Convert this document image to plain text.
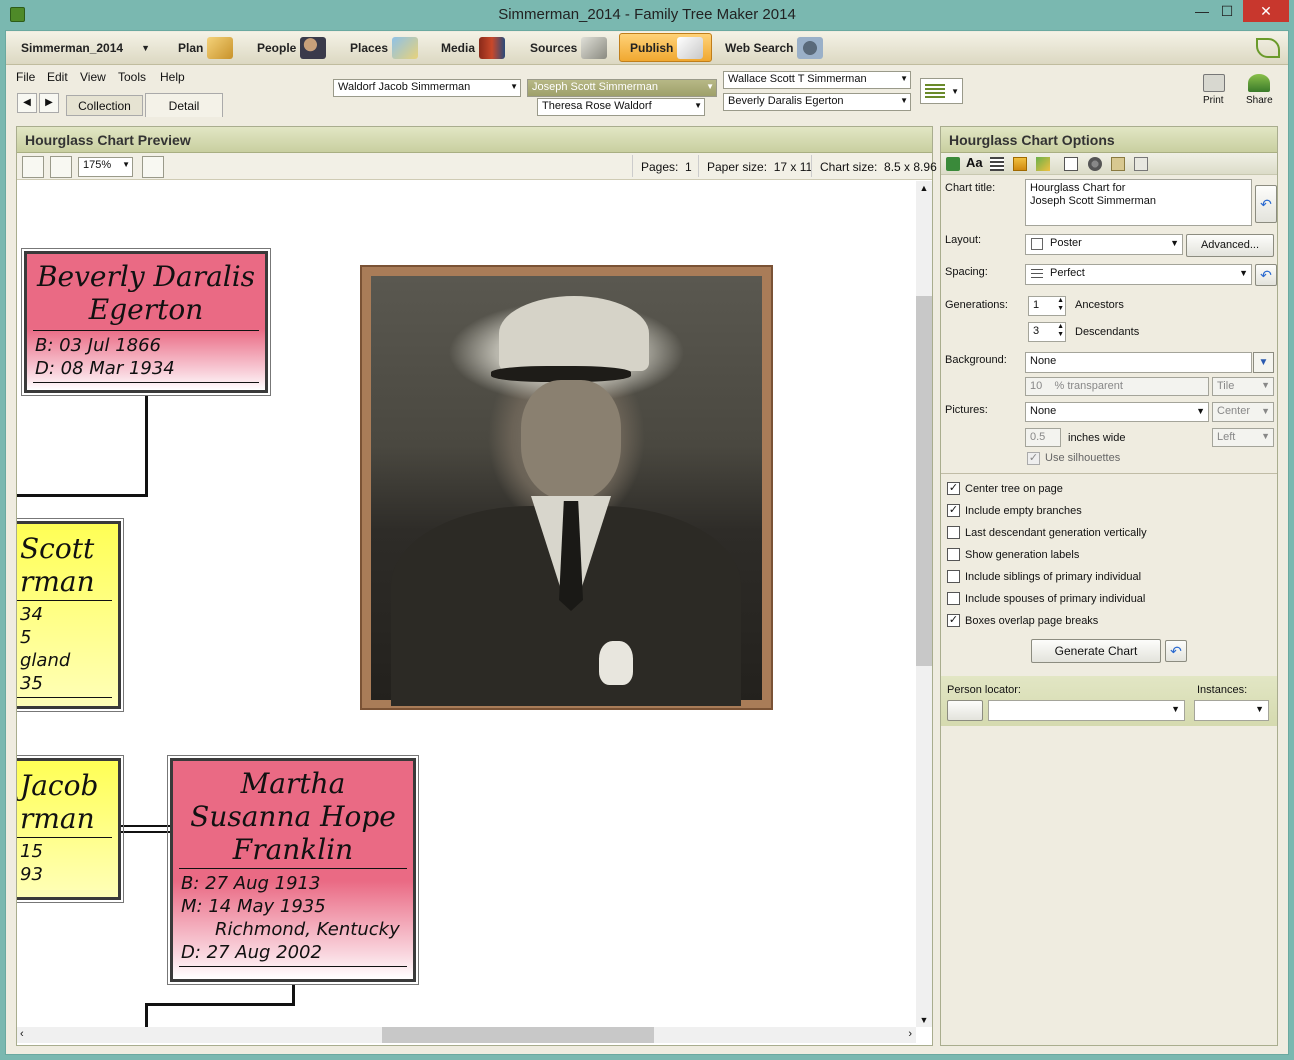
Simmerman_2014 - Family Tree Maker 2014	— ☐	✕
Simmerman_2014 ▼ Plan	People	Places	Media	Sources	Publish	Web Search
File Edit View Tools Help
◀	▶	Collection	Detail
Waldorf Jacob Simmerman	▼	Joseph Scott Simmerman	▼
Theresa Rose Waldorf	▼
Wallace Scott T Simmerman	▼
Beverly Daralis Egerton	▼
▼
Print Share
Hourglass Chart Preview
175% ▼	Pages: 1 Paper size: 17 x 11 Chart size: 8.5 x 8.96
Beverly Daralis
Egerton
B: 03 Jul 1866
D: 08 Mar 1934
Scott
rman
34
5
gland
35
Jacob
rman
15
93
Martha
Susanna Hope
Franklin
B: 27 Aug 1913
M: 14 May 1935
Richmond, Kentucky
D: 27 Aug 2002
▲
▼
‹	›
Hourglass Chart Options
Aa
Chart title:	Hourglass Chart for
Joseph Scott Simmerman	↶
Layout:	Poster	▼	Advanced...
Spacing:	Perfect	▼ ↶
Generations:	1	▲
▼ Ancestors
3	▲
▼ Descendants
Background:	None	▼
10 % transparent	Tile	▼
Pictures:	None	▼	Center ▼
0.5	inches wide	Left	▼
✓ Use silhouettes
✓ Center tree on page
✓ Include empty branches
Last descendant generation vertically
Show generation labels
Include siblings of primary individual
Include spouses of primary individual
✓ Boxes overlap page breaks
Generate Chart	↶
Person locator:	Instances:
▼	▼
